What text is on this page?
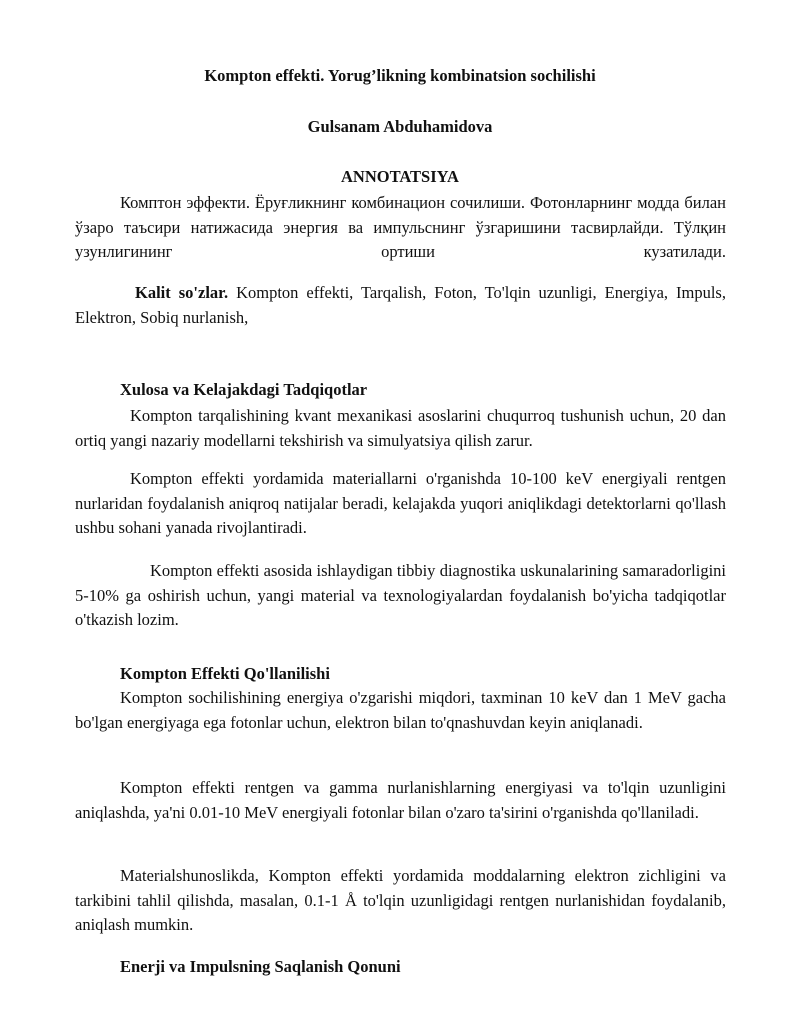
Kompton effekti. Yorug’likning kombinatsion sochilishi
Gulsanam Abduhamidova
ANNOTATSIYA
Комптон эффекти. Ёруғликнинг комбинацион сочилиши. Фотонларнинг модда билан ўзаро таъсири натижасида энергия ва импульснинг ўзгаришини тасвирлайди. Тўлқин узунлигининг ортиши кузатилади.
Kalit so'zlar. Kompton effekti, Tarqalish, Foton, To'lqin uzunligi, Energiya, Impuls, Elektron, Sobiq nurlanish,
Xulosa va Kelajakdagi Tadqiqotlar
Kompton tarqalishining kvant mexanikasi asoslarini chuqurroq tushunish uchun, 20 dan ortiq yangi nazariy modellarni tekshirish va simulyatsiya qilish zarur.
Kompton effekti yordamida materiallarni o'rganishda 10-100 keV energiyali rentgen nurlaridan foydalanish aniqroq natijalar beradi, kelajakda yuqori aniqlikdagi detektorlarni qo'llash ushbu sohani yanada rivojlantiradi.
Kompton effekti asosida ishlaydigan tibbiy diagnostika uskunalarining samaradorligini 5-10% ga oshirish uchun, yangi material va texnologiyalardan foydalanish bo'yicha tadqiqotlar o'tkazish lozim.
Kompton Effekti Qo'llanilishi
Kompton sochilishining energiya o'zgarishi miqdori, taxminan 10 keV dan 1 MeV gacha bo'lgan energiyaga ega fotonlar uchun, elektron bilan to'qnashuvdan keyin aniqlanadi.
Kompton effekti rentgen va gamma nurlanishlarning energiyasi va to'lqin uzunligini aniqlashda, ya'ni 0.01-10 MeV energiyali fotonlar bilan o'zaro ta'sirini o'rganishda qo'llaniladi.
Materialshunoslikda, Kompton effekti yordamida moddalarning elektron zichligini va tarkibini tahlil qilishda, masalan, 0.1-1 Å to'lqin uzunligidagi rentgen nurlanishidan foydalanib, aniqlash mumkin.
Enerji va Impulsning Saqlanish Qonuni
